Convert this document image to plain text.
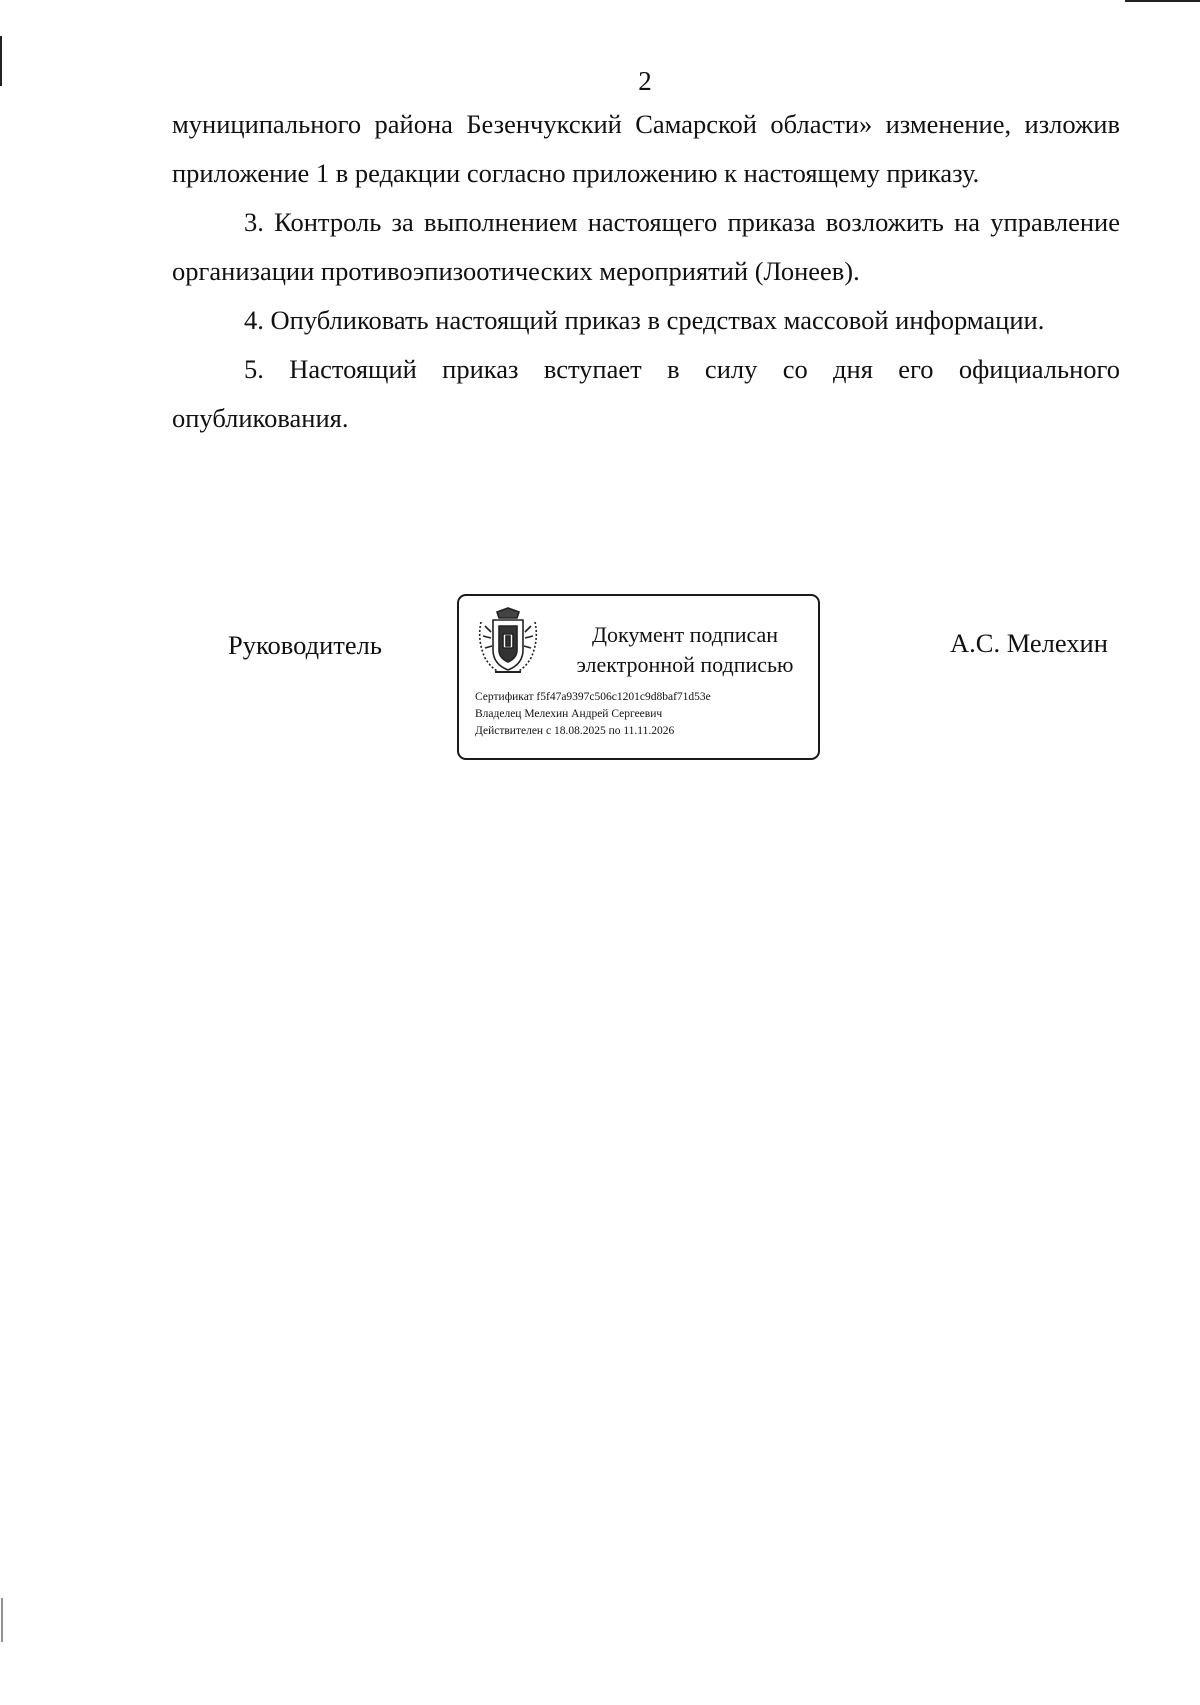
2

муниципального района Безенчукский Самарской области» изменение, изложив приложение 1 в редакции согласно приложению к настоящему приказу.

3. Контроль за выполнением настоящего приказа возложить на управление организации противоэпизоотических мероприятий (Лонеев).

4. Опубликовать настоящий приказ в средствах массовой информации.

5. Настоящий приказ вступает в силу со дня его официального опубликования.

Руководитель	Документ подписан
электронной подписью
Сертификат f5f47a9397c506c1201c9d8baf71d53e
Владелец Мелехин Андрей Сергеевич
Действителен с 18.08.2025 по 11.11.2026
А.С. Мелехин
